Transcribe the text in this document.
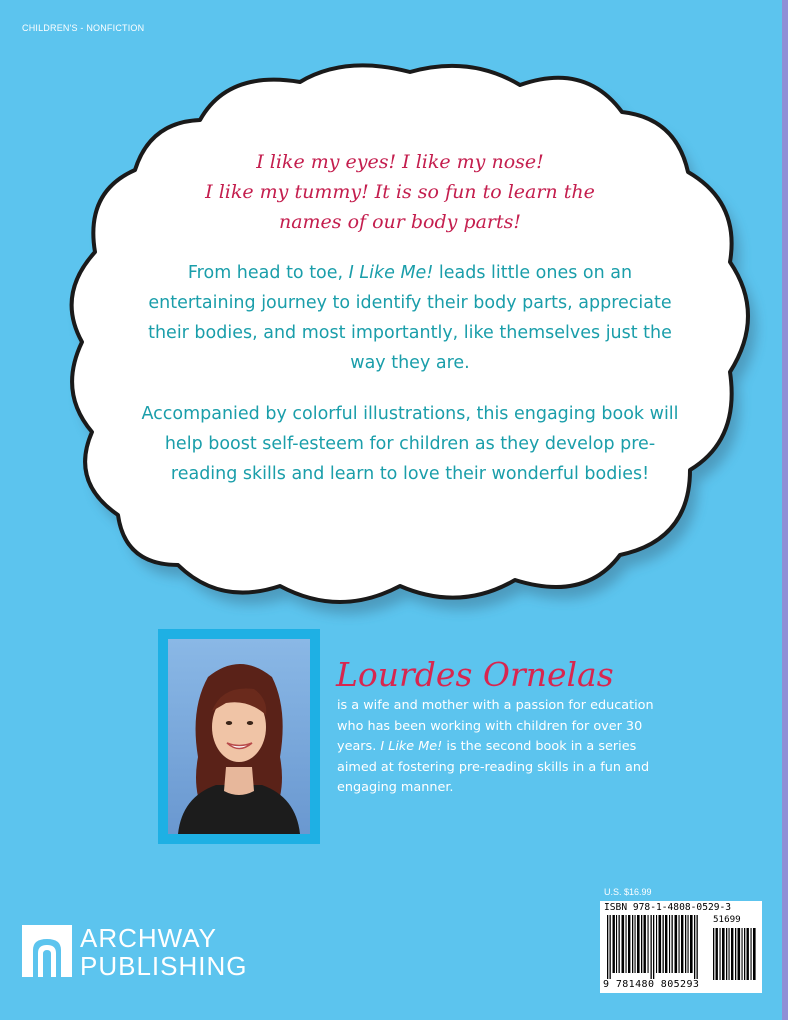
CHILDREN'S - NONFICTION
I like my eyes! I like my nose!
I like my tummy! It is so fun to learn the
names of our body parts!

From head to toe, I Like Me! leads little ones on an entertaining journey to identify their body parts, appreciate their bodies, and most importantly, like themselves just the way they are.

Accompanied by colorful illustrations, this engaging book will help boost self-esteem for children as they develop pre-reading skills and learn to love their wonderful bodies!

Lourdes Ornelas

is a wife and mother with a passion for education who has been working with children for over 30 years. I Like Me! is the second book in a series aimed at fostering pre-reading skills in a fun and engaging manner.

U.S. $16.99
ISBN 978-1-4808-0529-3
51699
9 781480 805293
ARCHWAY
PUBLISHING
